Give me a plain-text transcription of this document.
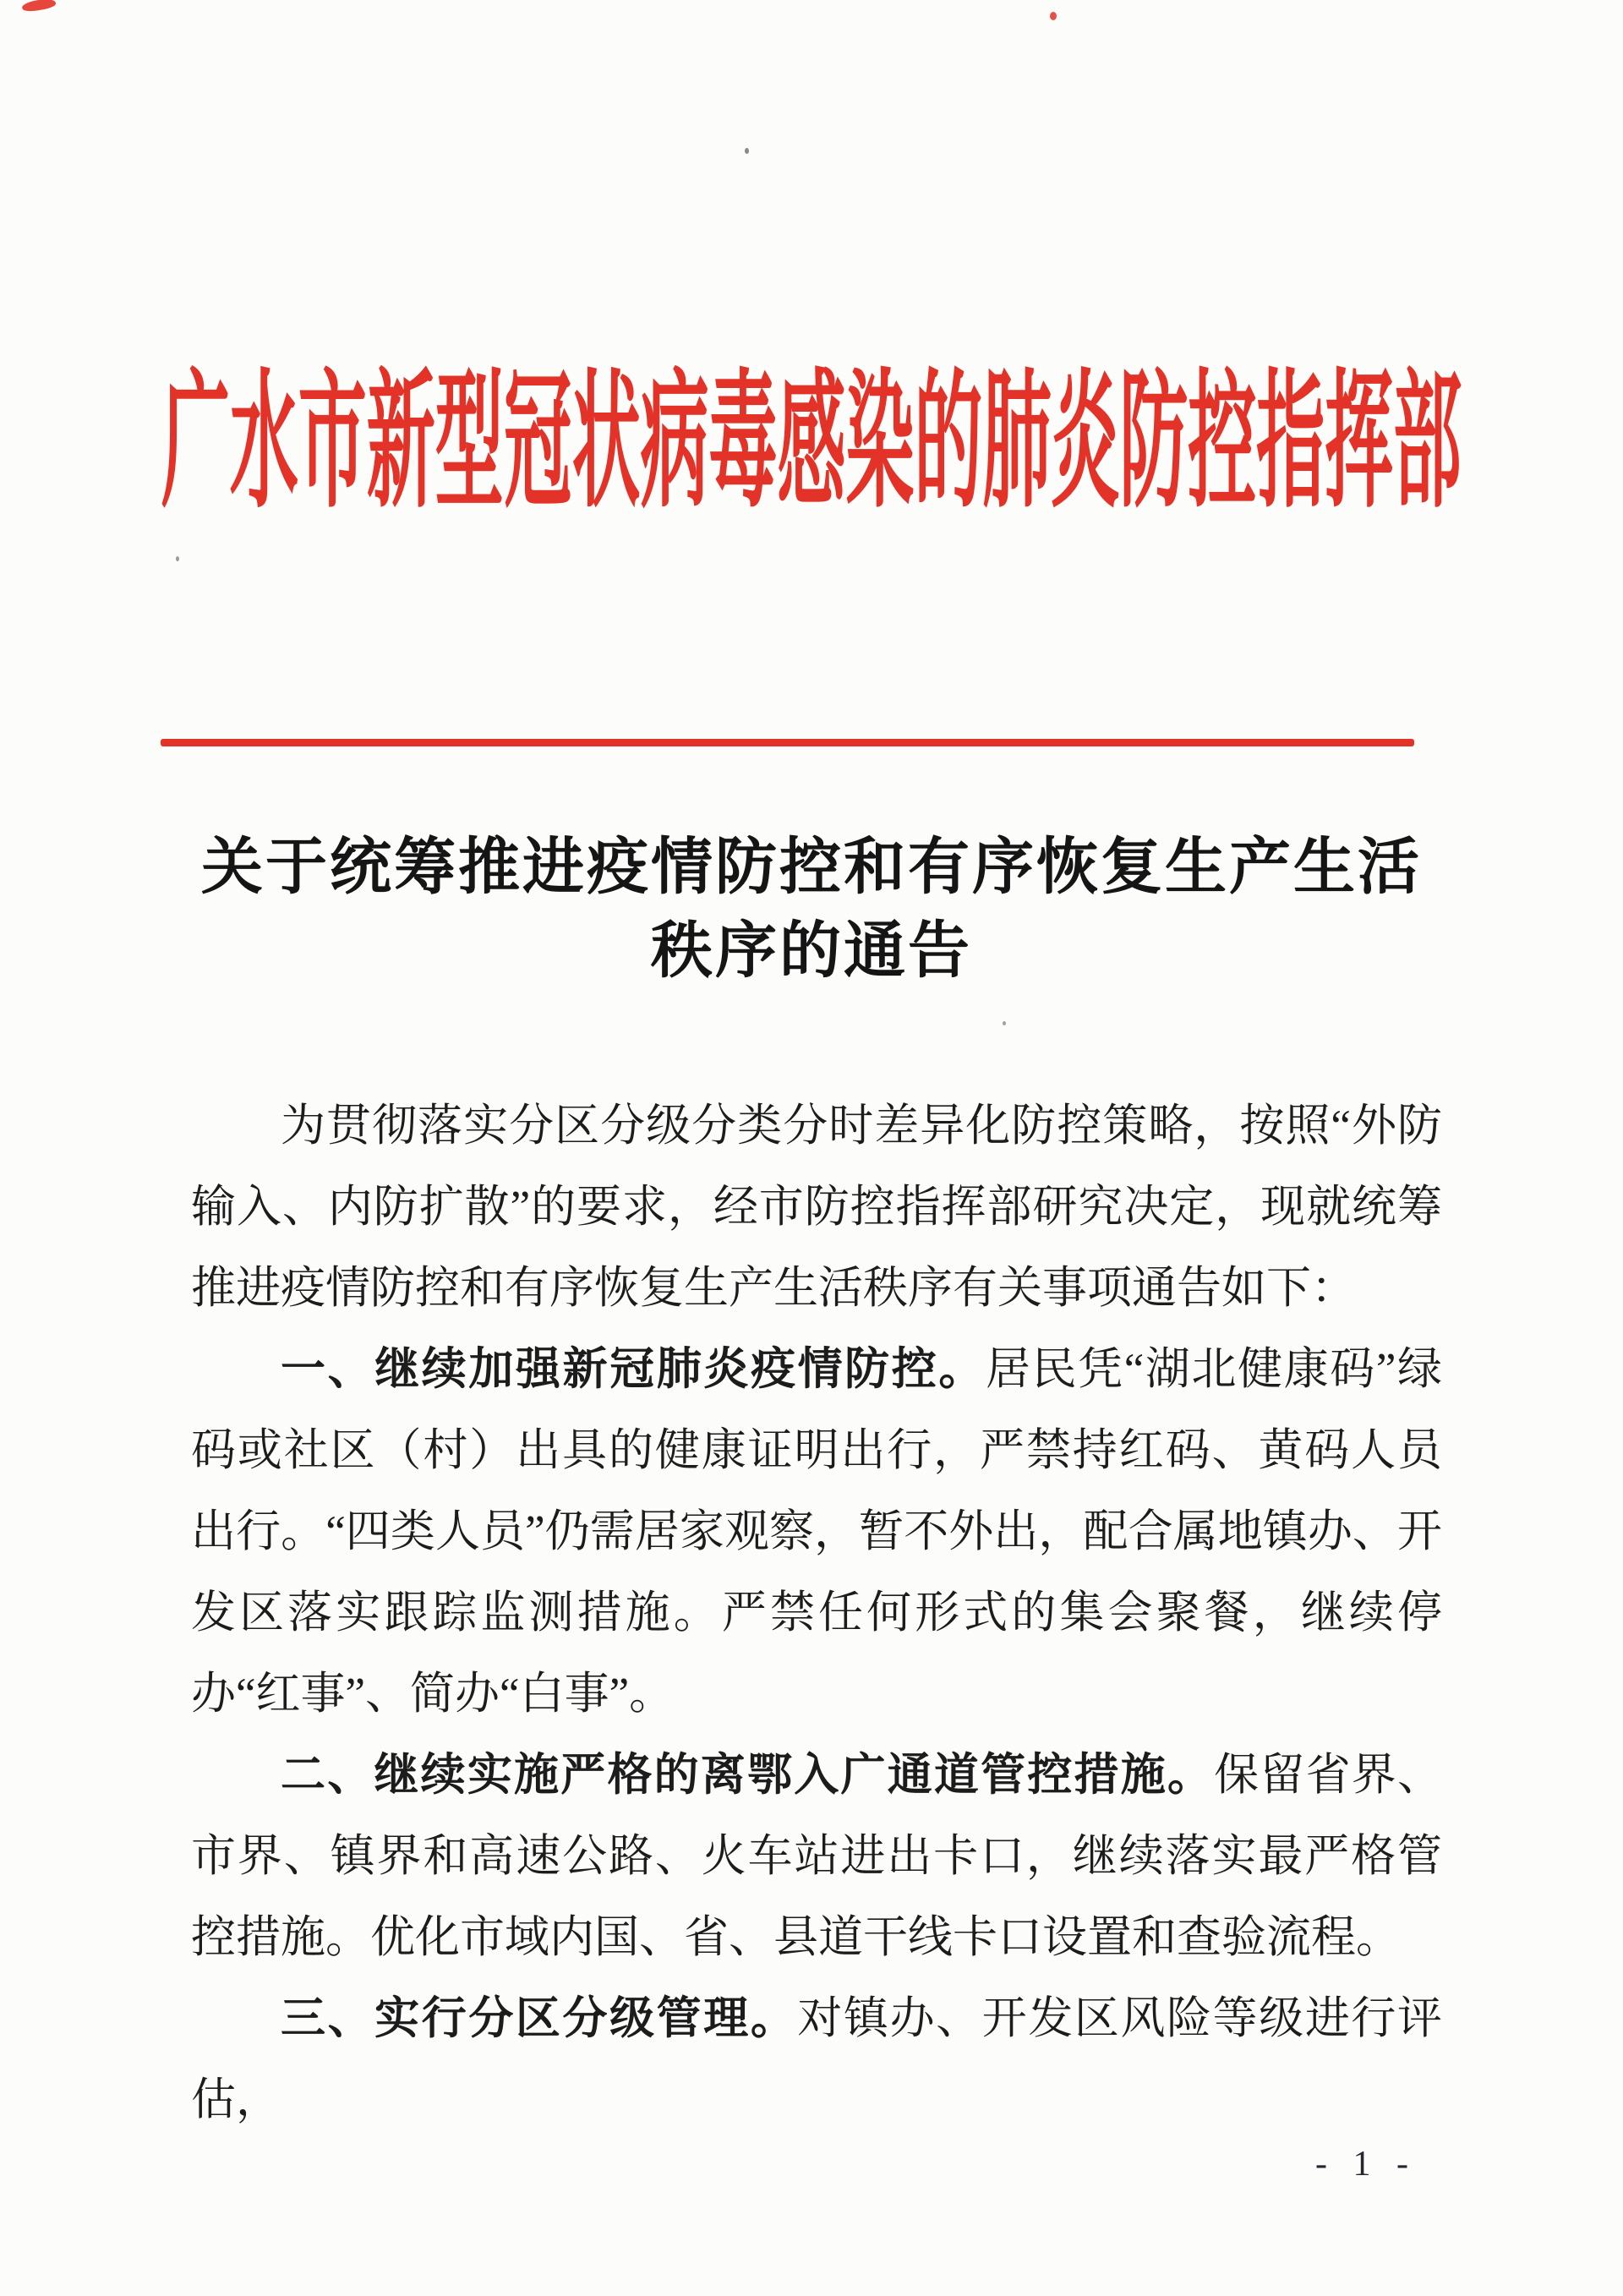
广水市新型冠状病毒感染的肺炎防控指挥部
关于统筹推进疫情防控和有序恢复生产生活
秩序的通告

为贯彻落实分区分级分类分时差异化防控策略，按照“外防输入、内防扩散”的要求，经市防控指挥部研究决定，现就统筹推进疫情防控和有序恢复生产生活秩序有关事项通告如下：

一、继续加强新冠肺炎疫情防控。居民凭“湖北健康码”绿码或社区（村）出具的健康证明出行，严禁持红码、黄码人员出行。“四类人员”仍需居家观察，暂不外出，配合属地镇办、开发区落实跟踪监测措施。严禁任何形式的集会聚餐，继续停办“红事”、简办“白事”。

二、继续实施严格的离鄂入广通道管控措施。保留省界、市界、镇界和高速公路、火车站进出卡口，继续落实最严格管控措施。优化市域内国、省、县道干线卡口设置和查验流程。

三、实行分区分级管理。对镇办、开发区风险等级进行评估，

- 1 -
